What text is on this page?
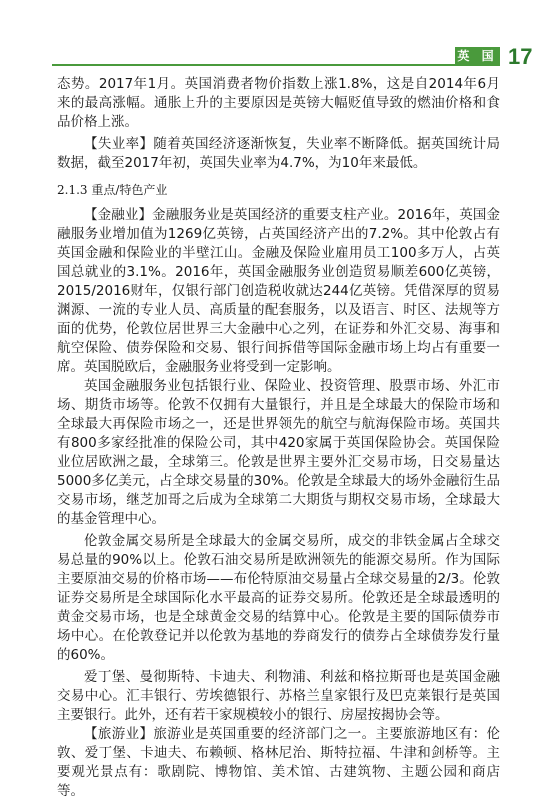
英 国 17

态势。2017年1月。英国消费者物价指数上涨1.8%，这是自2014年6月来的最高涨幅。通胀上升的主要原因是英镑大幅贬值导致的燃油价格和食品价格上涨。

【失业率】随着英国经济逐渐恢复，失业率不断降低。据英国统计局数据，截至2017年初，英国失业率为4.7%，为10年来最低。

2.1.3 重点/特色产业

【金融业】金融服务业是英国经济的重要支柱产业。2016年，英国金融服务业增加值为1269亿英镑，占英国经济产出的7.2%。其中伦敦占有英国金融和保险业的半壁江山。金融及保险业雇用员工100多万人，占英国总就业的3.1%。2016年，英国金融服务业创造贸易顺差600亿英镑，2015/2016财年，仅银行部门创造税收就达244亿英镑。凭借深厚的贸易渊源、一流的专业人员、高质量的配套服务，以及语言、时区、法规等方面的优势，伦敦位居世界三大金融中心之列，在证券和外汇交易、海事和航空保险、债券保险和交易、银行间拆借等国际金融市场上均占有重要一席。英国脱欧后，金融服务业将受到一定影响。

英国金融服务业包括银行业、保险业、投资管理、股票市场、外汇市场、期货市场等。伦敦不仅拥有大量银行，并且是全球最大的保险市场和全球最大再保险市场之一，还是世界领先的航空与航海保险市场。英国共有800多家经批准的保险公司，其中420家属于英国保险协会。英国保险业位居欧洲之最，全球第三。伦敦是世界主要外汇交易市场，日交易量达5000多亿美元，占全球交易量的30%。伦敦是全球最大的场外金融衍生品交易市场，继芝加哥之后成为全球第二大期货与期权交易市场，全球最大的基金管理中心。

伦敦金属交易所是全球最大的金属交易所，成交的非铁金属占全球交易总量的90%以上。伦敦石油交易所是欧洲领先的能源交易所。作为国际主要原油交易的价格市场——布伦特原油交易量占全球交易量的2/3。伦敦证券交易所是全球国际化水平最高的证券交易所。伦敦还是全球最透明的黄金交易市场，也是全球黄金交易的结算中心。伦敦是主要的国际债券市场中心。在伦敦登记并以伦敦为基地的券商发行的债券占全球债券发行量的60%。

爱丁堡、曼彻斯特、卡迪夫、利物浦、利兹和格拉斯哥也是英国金融交易中心。汇丰银行、劳埃德银行、苏格兰皇家银行及巴克莱银行是英国主要银行。此外，还有若干家规模较小的银行、房屋按揭协会等。

【旅游业】旅游业是英国重要的经济部门之一。主要旅游地区有：伦敦、爱丁堡、卡迪夫、布赖顿、格林尼治、斯特拉福、牛津和剑桥等。主要观光景点有：歌剧院、博物馆、美术馆、古建筑物、主题公园和商店等。
